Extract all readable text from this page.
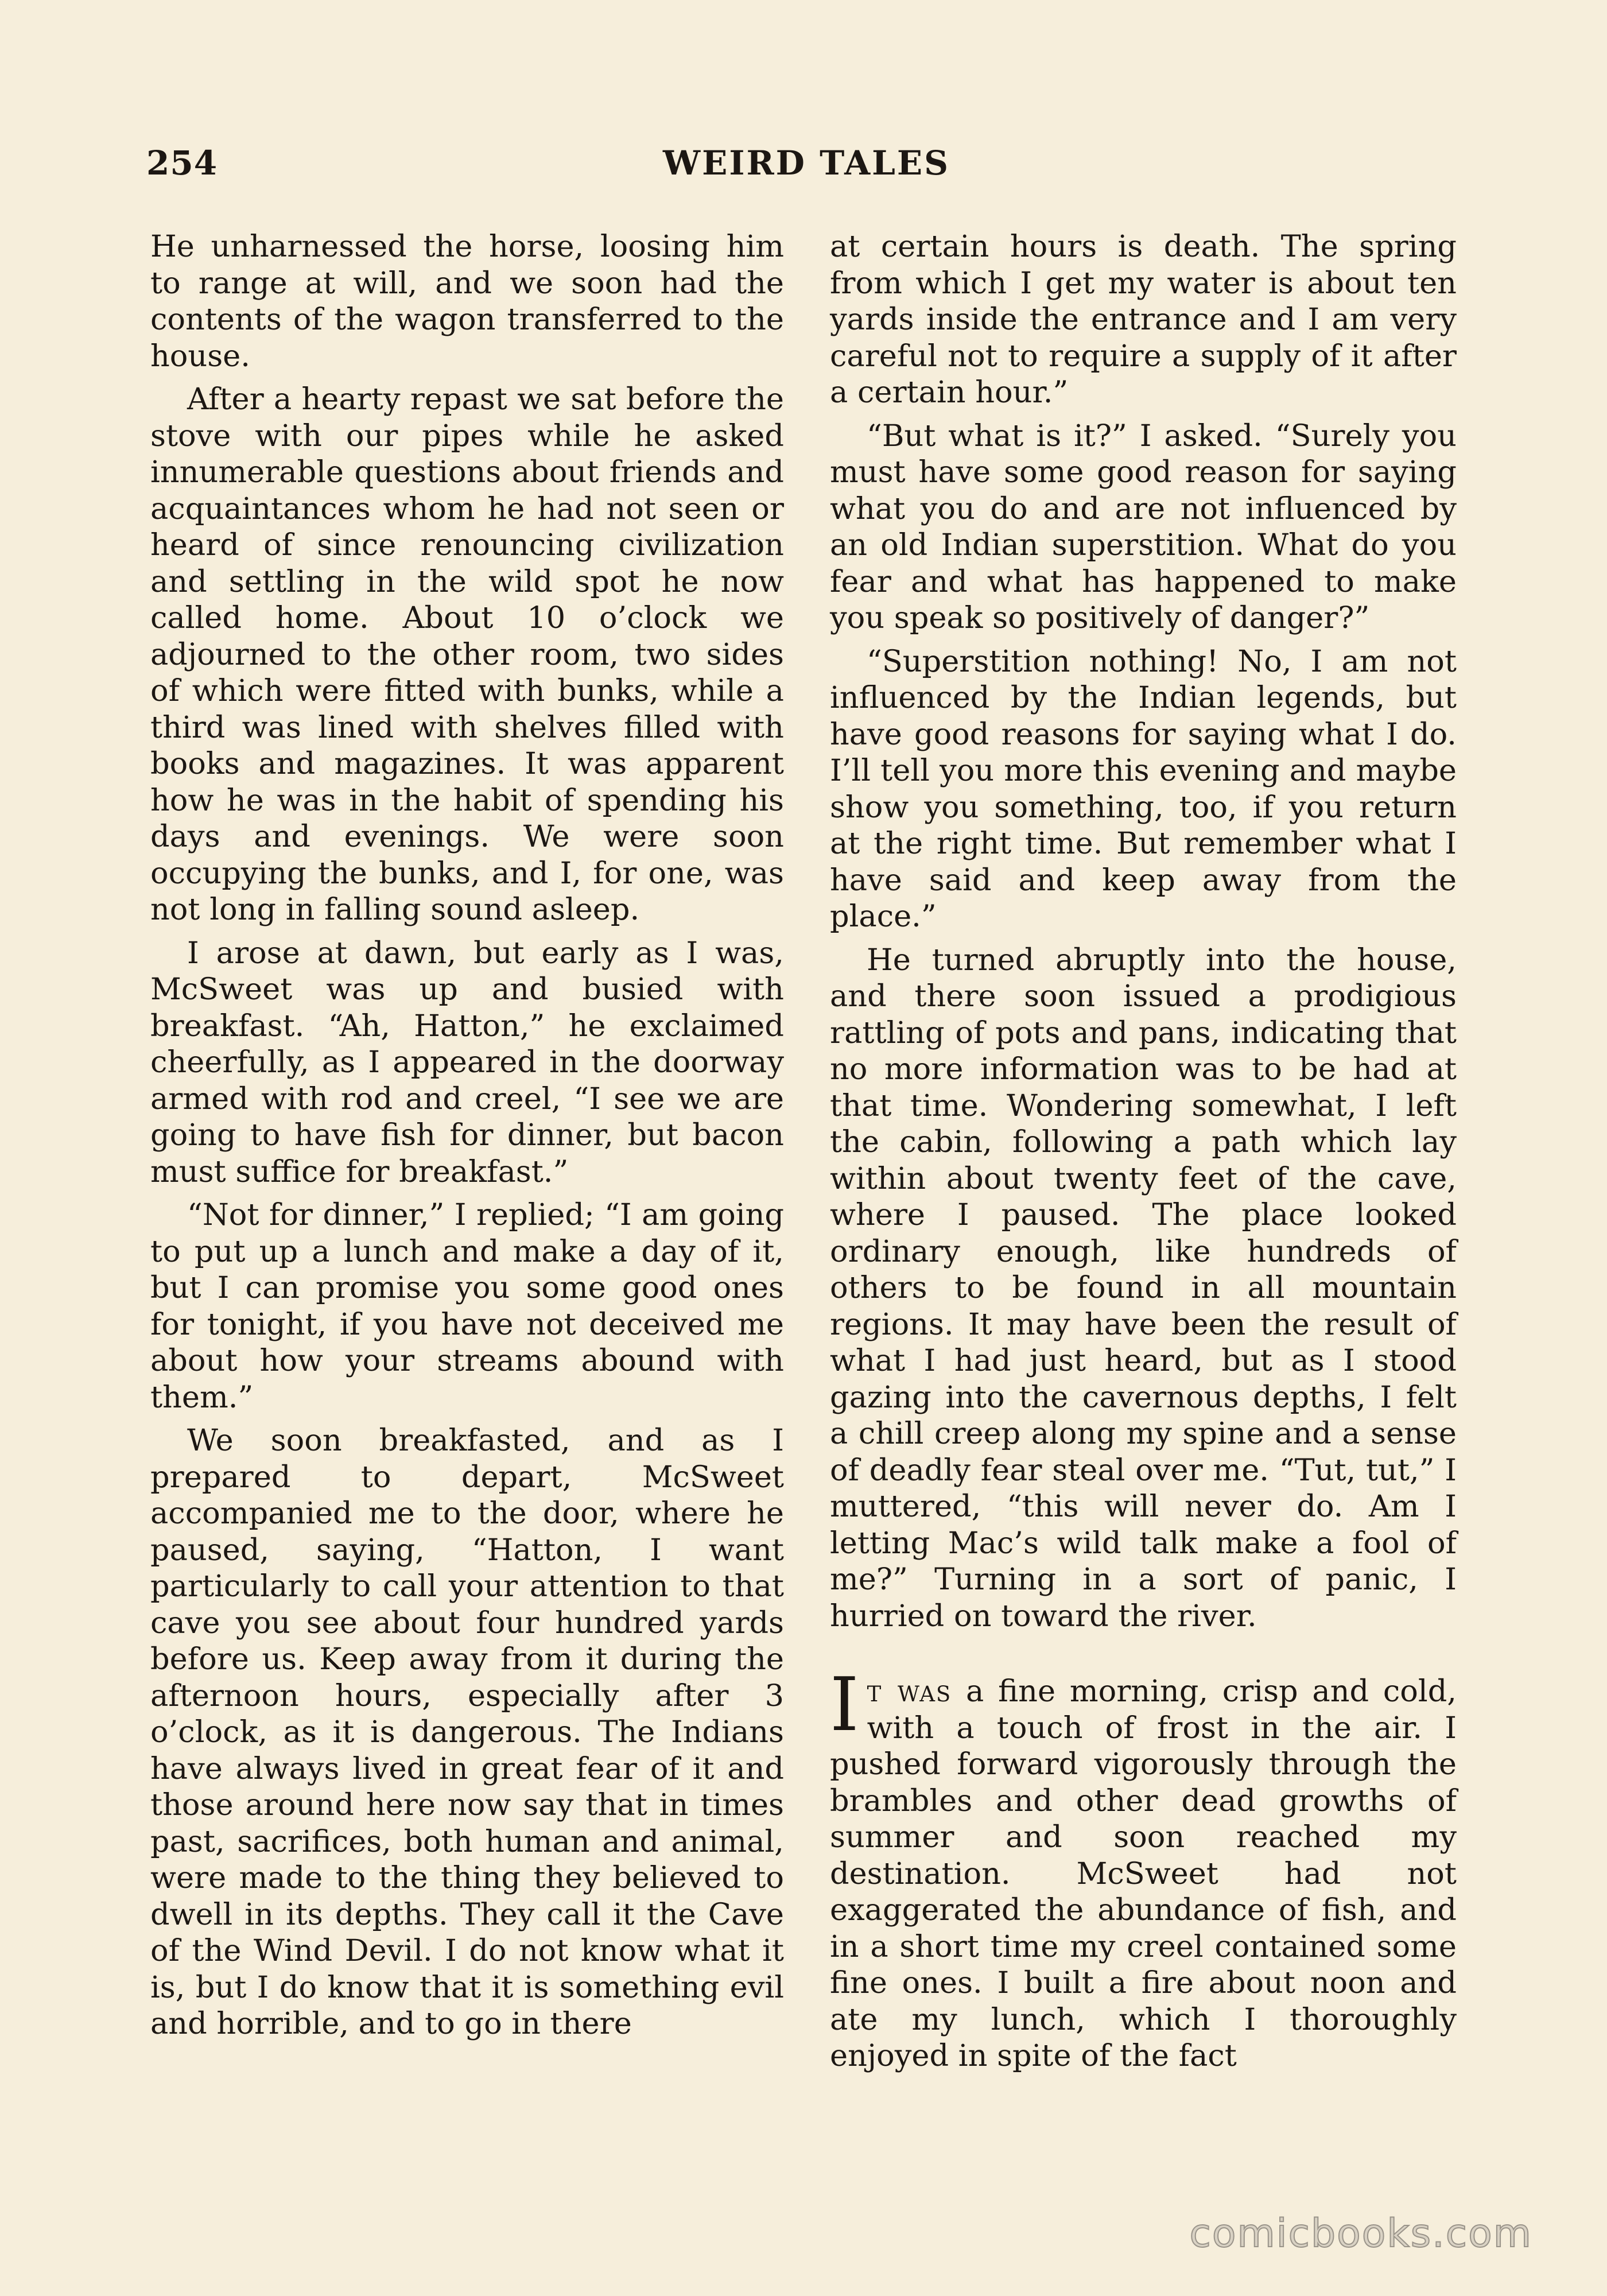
254	WEIRD TALES

He unharnessed the horse, loosing him to range at will, and we soon had the contents of the wagon transferred to the house.

After a hearty repast we sat before the stove with our pipes while he asked innumerable questions about friends and acquaintances whom he had not seen or heard of since renouncing civilization and settling in the wild spot he now called home. About 10 o’clock we adjourned to the other room, two sides of which were fitted with bunks, while a third was lined with shelves filled with books and magazines. It was apparent how he was in the habit of spending his days and evenings. We were soon occupying the bunks, and I, for one, was not long in falling sound asleep.

I arose at dawn, but early as I was, McSweet was up and busied with breakfast. “Ah, Hatton,” he exclaimed cheerfully, as I appeared in the doorway armed with rod and creel, “I see we are going to have fish for dinner, but bacon must suffice for breakfast.”

“Not for dinner,” I replied; “I am going to put up a lunch and make a day of it, but I can promise you some good ones for tonight, if you have not deceived me about how your streams abound with them.”

We soon breakfasted, and as I prepared to depart, McSweet accompanied me to the door, where he paused, saying, “Hatton, I want particularly to call your attention to that cave you see about four hundred yards before us. Keep away from it during the afternoon hours, especially after 3 o’clock, as it is dangerous. The Indians have always lived in great fear of it and those around here now say that in times past, sacrifices, both human and animal, were made to the thing they believed to dwell in its depths. They call it the Cave of the Wind Devil. I do not know what it is, but I do know that it is something evil and horrible, and to go in there

at certain hours is death. The spring from which I get my water is about ten yards inside the entrance and I am very careful not to require a supply of it after a certain hour.”

“But what is it?” I asked. “Surely you must have some good reason for saying what you do and are not influenced by an old Indian superstition. What do you fear and what has happened to make you speak so positively of danger?”

“Superstition nothing! No, I am not influenced by the Indian legends, but have good reasons for saying what I do. I’ll tell you more this evening and maybe show you something, too, if you return at the right time. But remember what I have said and keep away from the place.”

He turned abruptly into the house, and there soon issued a prodigious rattling of pots and pans, indicating that no more information was to be had at that time. Wondering somewhat, I left the cabin, following a path which lay within about twenty feet of the cave, where I paused. The place looked ordinary enough, like hundreds of others to be found in all mountain regions. It may have been the result of what I had just heard, but as I stood gazing into the cavernous depths, I felt a chill creep along my spine and a sense of deadly fear steal over me. “Tut, tut,” I muttered, “this will never do. Am I letting Mac’s wild talk make a fool of me?” Turning in a sort of panic, I hurried on toward the river.

It was a fine morning, crisp and cold, with a touch of frost in the air. I pushed forward vigorously through the brambles and other dead growths of summer and soon reached my destination. McSweet had not exaggerated the abundance of fish, and in a short time my creel contained some fine ones. I built a fire about noon and ate my lunch, which I thoroughly enjoyed in spite of the fact

comicbooks.com
